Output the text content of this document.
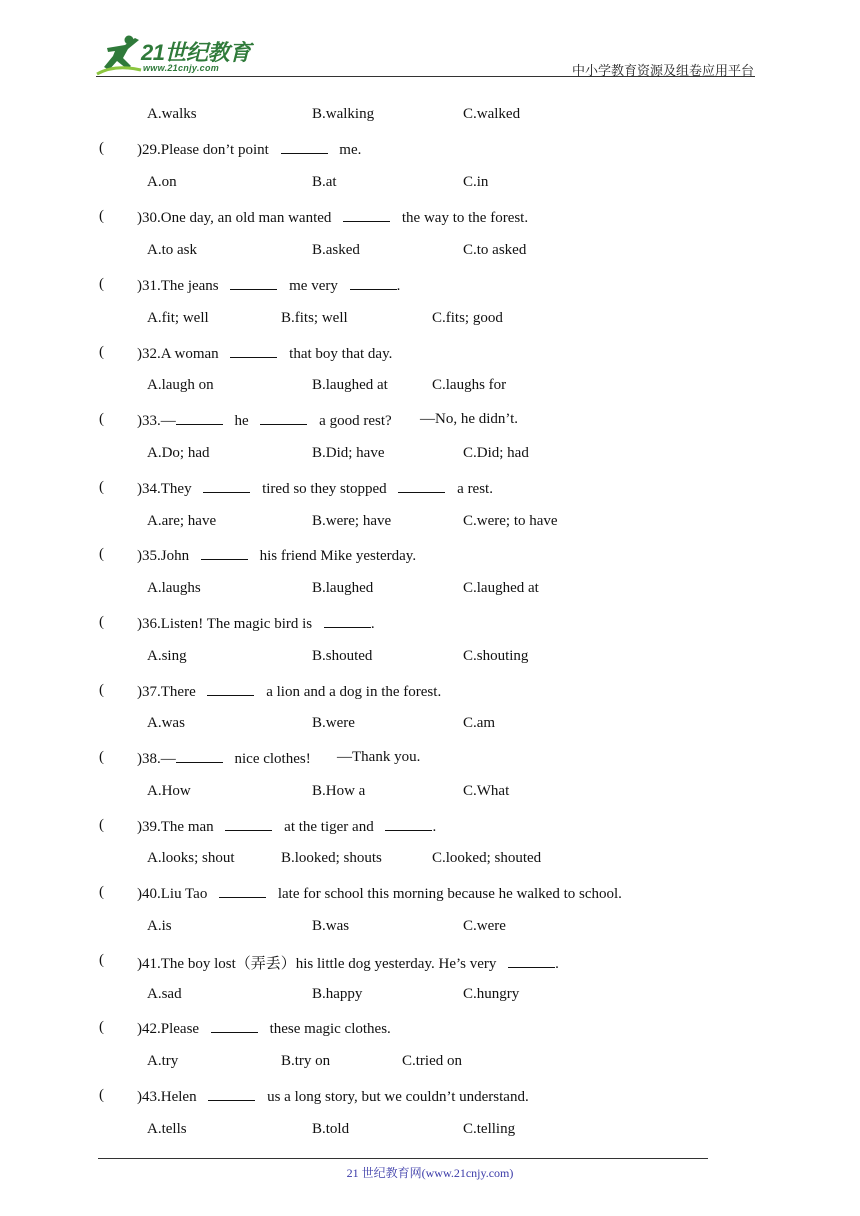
21世纪教育
www.21cnjy.com	中小学教育资源及组卷应用平台
A.walks	B.walking	C.walked
( )29.Please don’t point	me.
A.on	B.at	C.in
( )30.One day, an old man wanted	the way to the forest.
A.to ask	B.asked	C.to asked
( )31.The jeans	me very	.
A.fit; well	B.fits; well	C.fits; good
( )32.A woman	that boy that day.
A.laugh on	B.laughed at	C.laughs for
( )33.—	he	a good rest? —No, he didn’t.
A.Do; had	B.Did; have	C.Did; had
( )34.They	tired so they stopped	a rest.
A.are; have	B.were; have	C.were; to have
( )35.John	his friend Mike yesterday.
A.laughs	B.laughed	C.laughed at
( )36.Listen! The magic bird is	.
A.sing	B.shouted	C.shouting
( )37.There	a lion and a dog in the forest.
A.was	B.were	C.am
( )38.—	nice clothes! —Thank you.
A.How	B.How a	C.What
( )39.The man	at the tiger and	.
A.looks; shout	B.looked; shouts	C.looked; shouted
( )40.Liu Tao	late for school this morning because he walked to school.
A.is	B.was	C.were
( )41.The boy lost（弄丢）his little dog yesterday. He’s very	.
A.sad	B.happy	C.hungry
( )42.Please	these magic clothes.
A.try	B.try on	C.tried on
( )43.Helen	us a long story, but we couldn’t understand.
A.tells	B.told	C.telling
21 世纪教育网(www.21cnjy.com)
